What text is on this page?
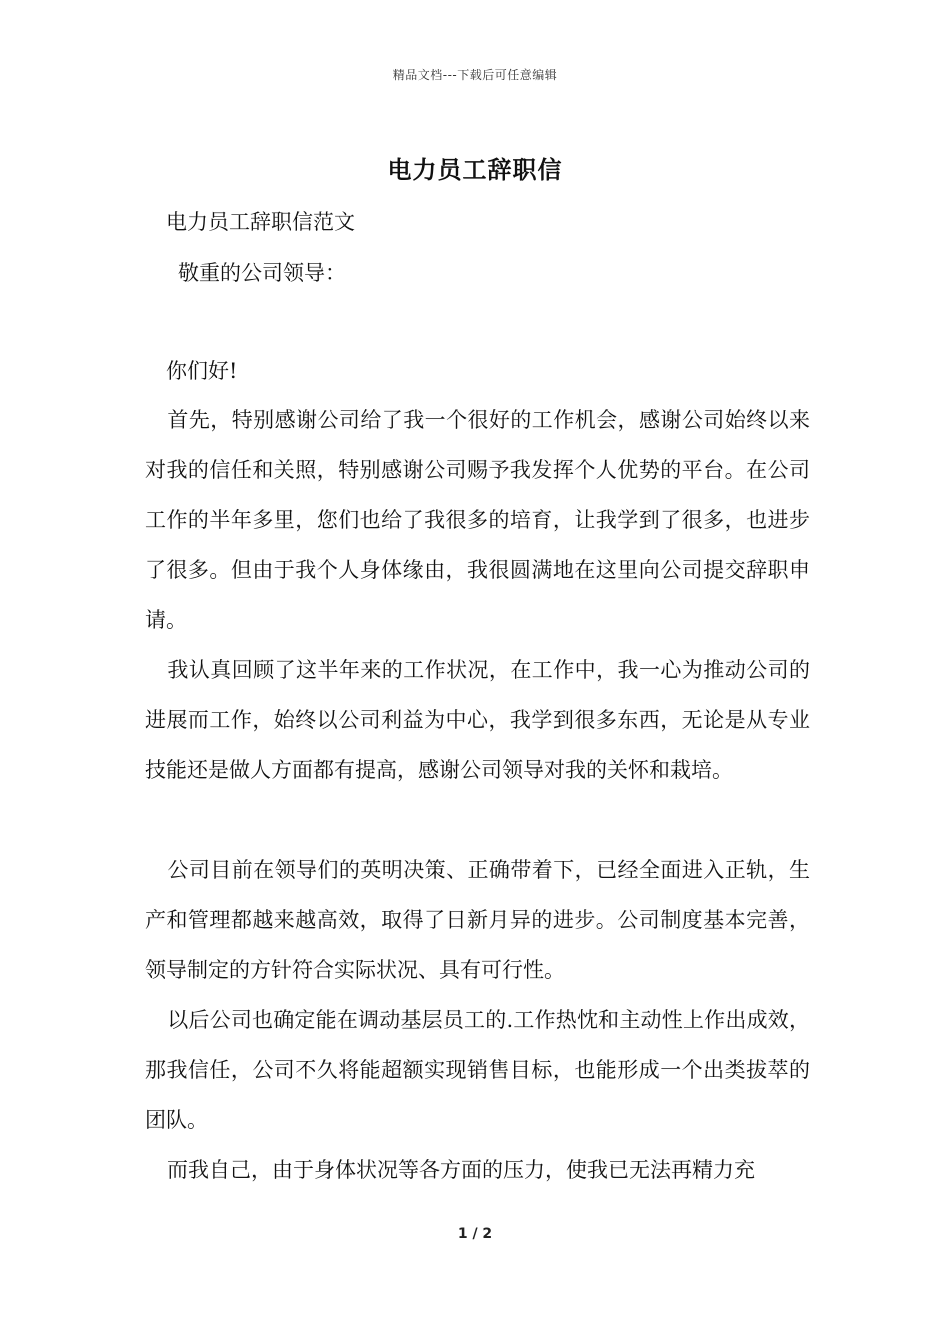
精品文档---下载后可任意编辑
电力员工辞职信
电力员工辞职信范文
敬重的公司领导：
你们好!
首先，特别感谢公司给了我一个很好的工作机会，感谢公司始终以来对我的信任和关照，特别感谢公司赐予我发挥个人优势的平台。在公司工作的半年多里，您们也给了我很多的培育，让我学到了很多，也进步了很多。但由于我个人身体缘由，我很圆满地在这里向公司提交辞职申请。
我认真回顾了这半年来的工作状况，在工作中，我一心为推动公司的进展而工作，始终以公司利益为中心，我学到很多东西，无论是从专业技能还是做人方面都有提高，感谢公司领导对我的关怀和栽培。
公司目前在领导们的英明决策、正确带着下，已经全面进入正轨，生产和管理都越来越高效，取得了日新月异的进步。公司制度基本完善，领导制定的方针符合实际状况、具有可行性。
以后公司也确定能在调动基层员工的.工作热忱和主动性上作出成效，那我信任，公司不久将能超额实现销售目标，也能形成一个出类拔萃的团队。
而我自己，由于身体状况等各方面的压力，使我已无法再精力充
1 / 2
